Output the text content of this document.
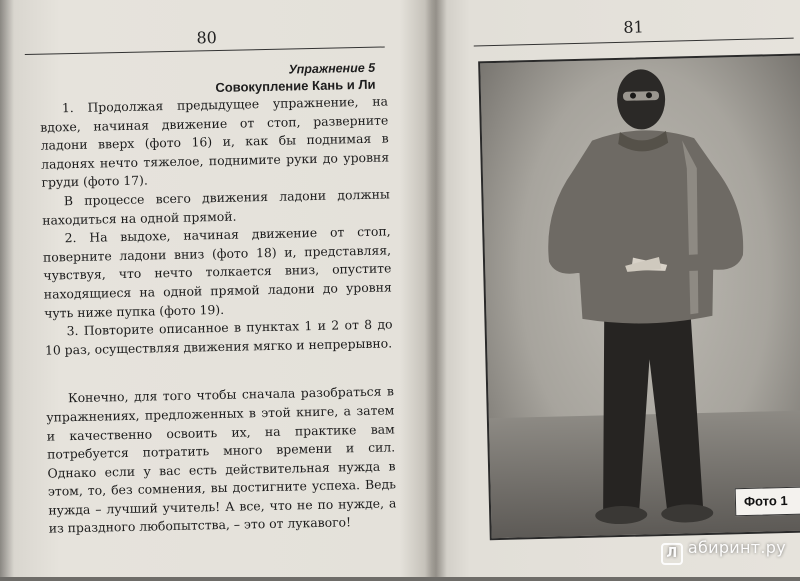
80
Упражнение 5
Совокупление Кань и Ли

1. Продолжая предыдущее упражнение, на вдохе, начиная движение от стоп, разверните ладони вверх (фото 16) и, как бы поднимая в ладонях нечто тяжелое, поднимите руки до уровня груди (фото 17).

В процессе всего движения ладони должны находиться на одной прямой.

2. На выдохе, начиная движение от стоп, поверните ладони вниз (фото 18) и, представляя, чувствуя, что нечто толкается вниз, опустите находящиеся на одной прямой ладони до уровня чуть ниже пупка (фото 19).

3. Повторите описанное в пунктах 1 и 2 от 8 до 10 раз, осуществляя движения мягко и непрерывно.

Конечно, для того чтобы сначала разобраться в упражнениях, предложенных в этой книге, а затем и качественно освоить их, на практике вам потребуется потратить много времени и сил. Однако если у вас есть действительная нужда в этом, то, без сомнения, вы достигните успеха. Ведь нужда – лучший учитель! А все, что не по нужде, а из праздного любопытства, – это от лукавого!

81
Фото 1
Л абиринт.ру
